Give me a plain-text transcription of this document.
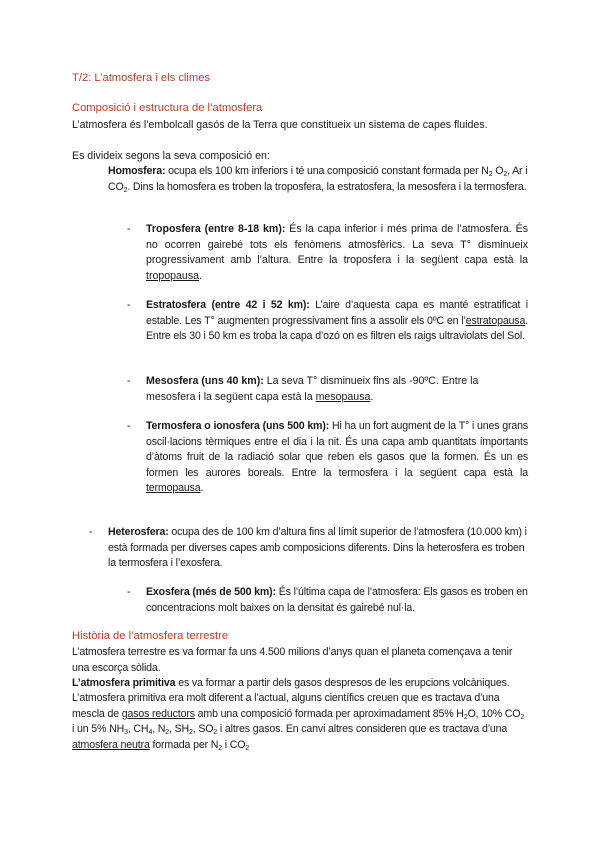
T/2: L’atmosfera i els climes
Composició i estructura de l’atmosfera
L’atmosfera és l’embolcall gasós de la Terra que constitueix un sistema de capes fluides.
Es divideix segons la seva composició en:
Homosfera: ocupa els 100 km inferiors i té una composició constant formada per $N_2$ $O_2$, Ar i $CO_2$. Dins la homosfera es troben la troposfera, la estratosfera, la mesosfera i la termosfera.
- Troposfera (entre 8-18 km): És la capa inferior i més prima de l’atmosfera. És no ocorren gairebé tots els fenòmens atmosfèrics. La seva T° disminueix progressivament amb l’altura. Entre la troposfera i la següent capa està la tropopausa.
- Estratosfera (entre 42 i 52 km): L’aire d’aquesta capa es manté estratificat i estable. Les T° augmenten progressivament fins a assolir els 0ºC en l’estratopausa. Entre els 30 i 50 km es troba la capa d’ozó on es filtren els raigs ultraviolats del Sol.
- Mesosfera (uns 40 km): La seva T° disminueix fins als -90ºC. Entre la mesosfera i la següent capa està la mesopausa.
- Termosfera o ionosfera (uns 500 km): Hi ha un fort augment de la T° i unes grans oscil·lacions tèrmiques entre el dia i la nit. És una capa amb quantitats importants d’àtoms fruit de la radiació solar que reben els gasos que la formen. És un es formen les aurores boreals. Entre la termosfera i la següent capa està la termopausa.
- Heterosfera: ocupa des de 100 km d’altura fins al límit superior de l’atmosfera (10.000 km) i està formada per diverses capes amb composicions diferents. Dins la heterosfera es troben la termosfera i l’exosfera.
- Exosfera (més de 500 km): És l’última capa de l’atmosfera: Els gasos es troben en concentracions molt baixes on la densitat és gairebé nul·la.
Història de l’atmosfera terrestre
L’atmosfera terrestre es va formar fa uns 4.500 milions d’anys quan el planeta començava a tenir una escorça sòlida.
L’atmosfera primitiva es va formar a partir dels gasos despresos de les erupcions volcàniques.
L’atmosfera primitiva era molt diferent a l’actual, alguns científics creuen que es tractava d’una mescla de gasos reductors amb una composició formada per aproximadament 85% $H_2O$, 10% $CO_2$ i un 5% $NH_3$, $CH_4$, $N_2$, $SH_2$, $SO_2$ i altres gasos. En canvi altres consideren que es tractava d’una atmosfera neutra formada per $N_2$ i $CO_2$
